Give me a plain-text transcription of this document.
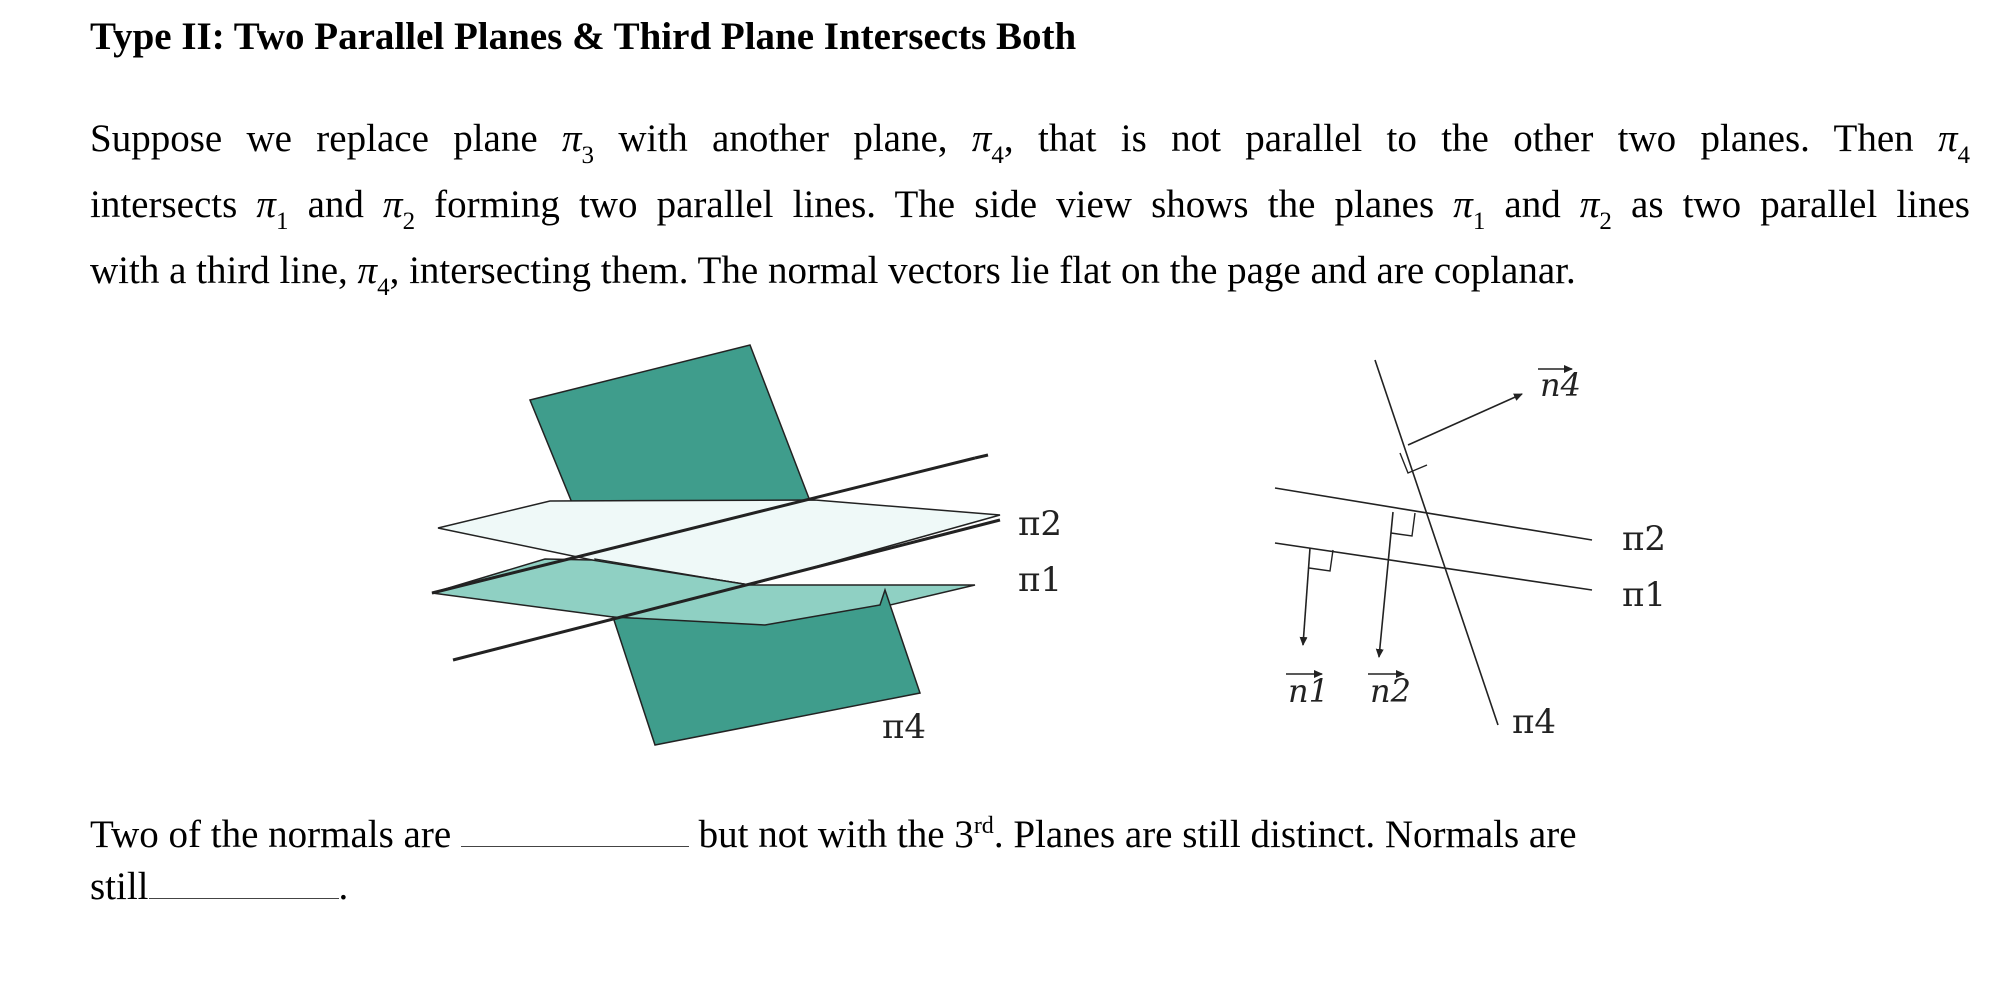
Type II: Two Parallel Planes & Third Plane Intersects Both
Suppose we replace plane $\pi_3$ with another plane, $\pi_4$, that is not parallel to the other two planes. Then $\pi_4$
intersects $\pi_1$ and $\pi_2$ forming two parallel lines. The side view shows the planes $\pi_1$ and $\pi_2$ as two parallel lines
with a third line, $\pi_4$, intersecting them. The normal vectors lie flat on the page and are coplanar.
π2
π1
π4
n4
n1 n2
π2
π1
π4
Two of the normals are	but not with the 3rd. Planes are still distinct. Normals are
still	.
